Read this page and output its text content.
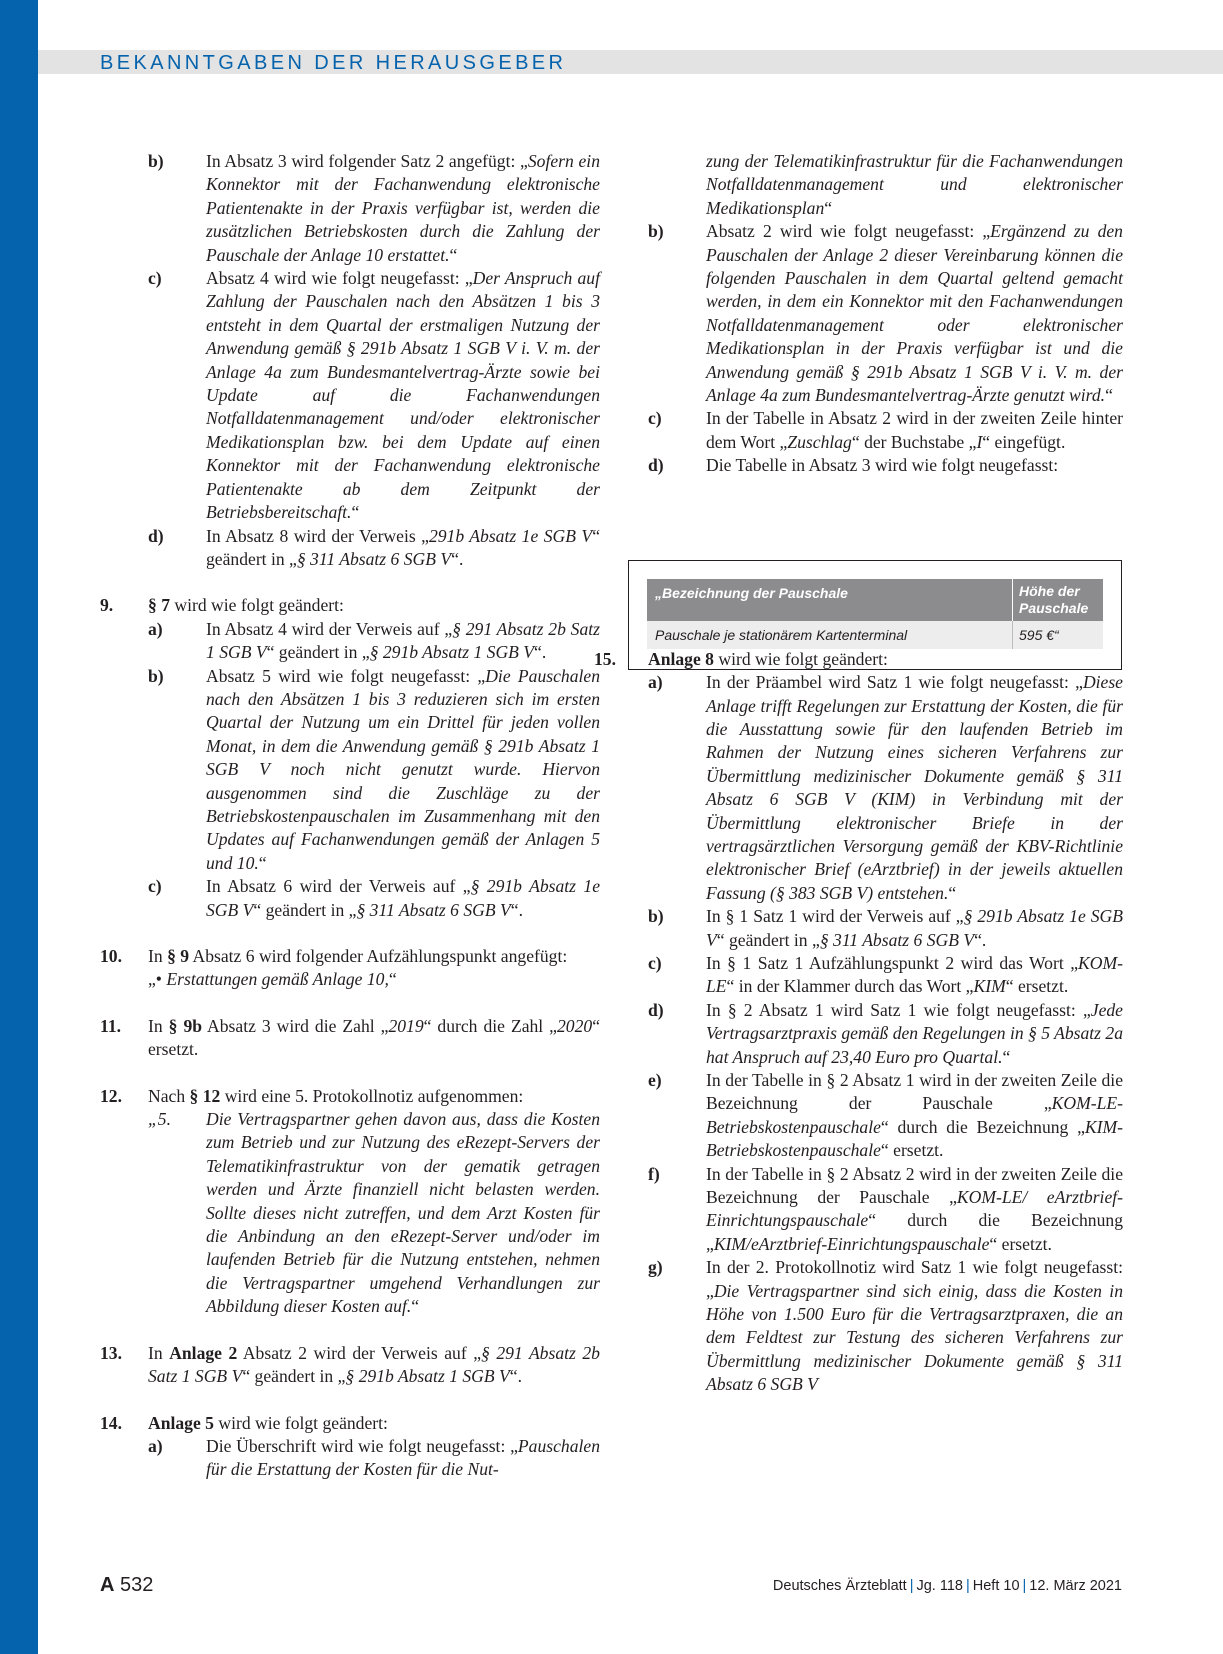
BEKANNTGABEN DER HERAUSGEBER
b) In Absatz 3 wird folgender Satz 2 angefügt: „Sofern ein Konnektor mit der Fachanwendung elektronische Patientenakte in der Praxis verfügbar ist, werden die zusätzlichen Betriebskosten durch die Zahlung der Pauschale der Anlage 10 erstattet.“
c)	Absatz 4 wird wie folgt neugefasst: „Der Anspruch auf Zahlung der Pauschalen nach den Absätzen 1 bis 3 entsteht in dem Quartal der erstmaligen Nutzung der Anwendung gemäß § 291b Absatz 1 SGB V i. V. m. der Anlage 4a zum Bundesmantelvertrag-Ärzte sowie bei Update auf die Fachanwendungen Notfalldatenmanagement und/oder elektronischer Medikationsplan bzw. bei dem Update auf einen Konnektor mit der Fachanwendung elektronische Patientenakte ab dem Zeitpunkt der Betriebsbereitschaft.“
d) In Absatz 8 wird der Verweis „291b Absatz 1e SGB V“ geändert in „§ 311 Absatz 6 SGB V“.
9. § 7 wird wie folgt geändert:
a) In Absatz 4 wird der Verweis auf „§ 291 Absatz 2b Satz 1 SGB V“ geändert in „§ 291b Absatz 1 SGB V“.
b) Absatz 5 wird wie folgt neugefasst: „Die Pauschalen nach den Absätzen 1 bis 3 reduzieren sich im ersten Quartal der Nutzung um ein Drittel für jeden vollen Monat, in dem die Anwendung gemäß § 291b Absatz 1 SGB V noch nicht genutzt wurde. Hiervon ausgenommen sind die Zuschläge zu der Betriebskostenpauschalen im Zusammenhang mit den Updates auf Fachanwendungen gemäß der Anlagen 5 und 10.“
c)	In Absatz 6 wird der Verweis auf „§ 291b Absatz 1e SGB V“ geändert in „§ 311 Absatz 6 SGB V“.
10. In § 9 Absatz 6 wird folgender Aufzählungspunkt angefügt:
„• Erstattungen gemäß Anlage 10,“
11. In § 9b Absatz 3 wird die Zahl „2019“ durch die Zahl „2020“ ersetzt.
12. Nach § 12 wird eine 5. Protokollnotiz aufgenommen:
„5. Die Vertragspartner gehen davon aus, dass die Kosten zum Betrieb und zur Nutzung des eRezept-Servers der Telematikinfrastruktur von der gematik getragen werden und Ärzte finanziell nicht belasten werden. Sollte dieses nicht zutreffen, und dem Arzt Kosten für die Anbindung an den eRezept-Server und/oder im laufenden Betrieb für die Nutzung entstehen, nehmen die Vertragspartner umgehend Verhandlungen zur Abbildung dieser Kosten auf.“
13. In Anlage 2 Absatz 2 wird der Verweis auf „§ 291 Absatz 2b Satz 1 SGB V“ geändert in „§ 291b Absatz 1 SGB V“.
14. Anlage 5 wird wie folgt geändert:
a) Die Überschrift wird wie folgt neugefasst: „Pauschalen für die Erstattung der Kosten für die Nut-
zung der Telematikinfrastruktur für die Fachanwendungen Notfalldatenmanagement und elektronischer Medikationsplan“
b) Absatz 2 wird wie folgt neugefasst: „Ergänzend zu den Pauschalen der Anlage 2 dieser Vereinbarung können die folgenden Pauschalen in dem Quartal geltend gemacht werden, in dem ein Konnektor mit den Fachanwendungen Notfalldatenmanagement oder elektronischer Medikationsplan in der Praxis verfügbar ist und die Anwendung gemäß § 291b Absatz 1 SGB V i. V. m. der Anlage 4a zum Bundesmantelvertrag-Ärzte genutzt wird.“
c)	In der Tabelle in Absatz 2 wird in der zweiten Zeile hinter dem Wort „Zuschlag“ der Buchstabe „I“ eingefügt.
d) Die Tabelle in Absatz 3 wird wie folgt neugefasst:
15. Anlage 8 wird wie folgt geändert:
a) In der Präambel wird Satz 1 wie folgt neugefasst: „Diese Anlage trifft Regelungen zur Erstattung der Kosten, die für die Ausstattung sowie für den laufenden Betrieb im Rahmen der Nutzung eines sicheren Verfahrens zur Übermittlung medizinischer Dokumente gemäß § 311 Absatz 6 SGB V (KIM) in Verbindung mit der Übermittlung elektronischer Briefe in der vertragsärztlichen Versorgung gemäß der KBV-Richtlinie elektronischer Brief (eArztbrief) in der jeweils aktuellen Fassung (§ 383 SGB V) entstehen.“
b) In § 1 Satz 1 wird der Verweis auf „§ 291b Absatz 1e SGB V“ geändert in „§ 311 Absatz 6 SGB V“.
c)	In § 1 Satz 1 Aufzählungspunkt 2 wird das Wort „KOM-LE“ in der Klammer durch das Wort „KIM“ ersetzt.
d) In § 2 Absatz 1 wird Satz 1 wie folgt neugefasst: „Jede Vertragsarztpraxis gemäß den Regelungen in § 5 Absatz 2a hat Anspruch auf 23,40 Euro pro Quartal.“
e)	In der Tabelle in § 2 Absatz 1 wird in der zweiten Zeile die Bezeichnung der Pauschale „KOM-LE-Betriebskostenpauschale“ durch die Bezeichnung „KIM-Betriebskostenpauschale“ ersetzt.
f)	In der Tabelle in § 2 Absatz 2 wird in der zweiten Zeile die Bezeichnung der Pauschale „KOM-LE/ eArztbrief-Einrichtungspauschale“ durch die Bezeichnung „KIM/eArztbrief-Einrichtungspauschale“ ersetzt.
g) In der 2. Protokollnotiz wird Satz 1 wie folgt neugefasst: „Die Vertragspartner sind sich einig, dass die Kosten in Höhe von 1.500 Euro für die Vertragsarztpraxen, die an dem Feldtest zur Testung des sicheren Verfahrens zur Übermittlung medizinischer Dokumente gemäß § 311 Absatz 6 SGB V
„Bezeichnung der Pauschale	Höhe der Pauschale
Pauschale je stationärem Kartenterminal	595 €“
A 532	Deutsches Ärzteblatt | Jg. 118 | Heft 10 | 12. März 2021
